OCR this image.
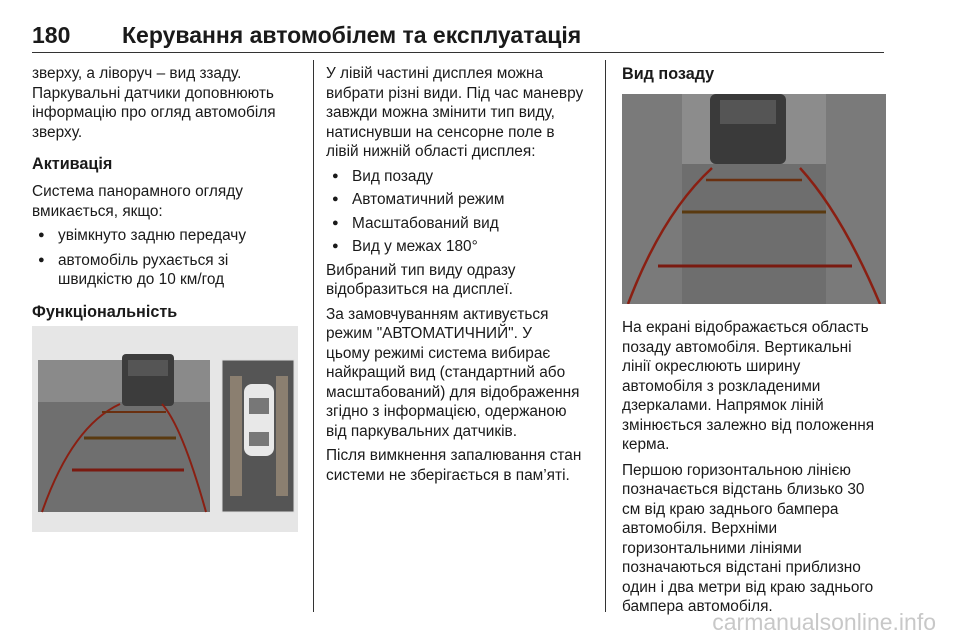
180 Керування автомобілем та експлуатація

зверху, а ліворуч – вид ззаду.
Паркувальні датчики доповнюють
інформацію про огляд автомобіля
зверху.

Активація

Система панорамного огляду
вмикається, якщо:

● увімкнуто задню передачу
● автомобіль рухається зі
швидкістю до 10 км/год
Функціональність

У лівій частині дисплея можна
вибрати різні види. Під час маневру
завжди можна змінити тип виду,
натиснувши на сенсорне поле в
лівій нижній області дисплея:

● Вид позаду
● Автоматичний режим
● Масштабований вид
● Вид у межах 180°

Вибраний тип виду одразу
відобразиться на дисплеї.

За замовчуванням активується
режим "АВТОМАТИЧНИЙ". У
цьому режимі система вибирає
найкращий вид (стандартний або
масштабований) для відображення
згідно з інформацією, одержаною
від паркувальних датчиків.

Після вимкнення запалювання стан
системи не зберігається в пам’яті.

Вид позаду

На екрані відображається область
позаду автомобіля. Вертикальні
лінії окреслюють ширину
автомобіля з розкладеними
дзеркалами. Напрямок ліній
змінюється залежно від положення
керма.

Першою горизонтальною лінією
позначається відстань близько 30
см від краю заднього бампера
автомобіля. Верхніми
горизонтальними лініями
позначаються відстані приблизно
один і два метри від краю заднього
бампера автомобіля.

carmanualsonline.info
